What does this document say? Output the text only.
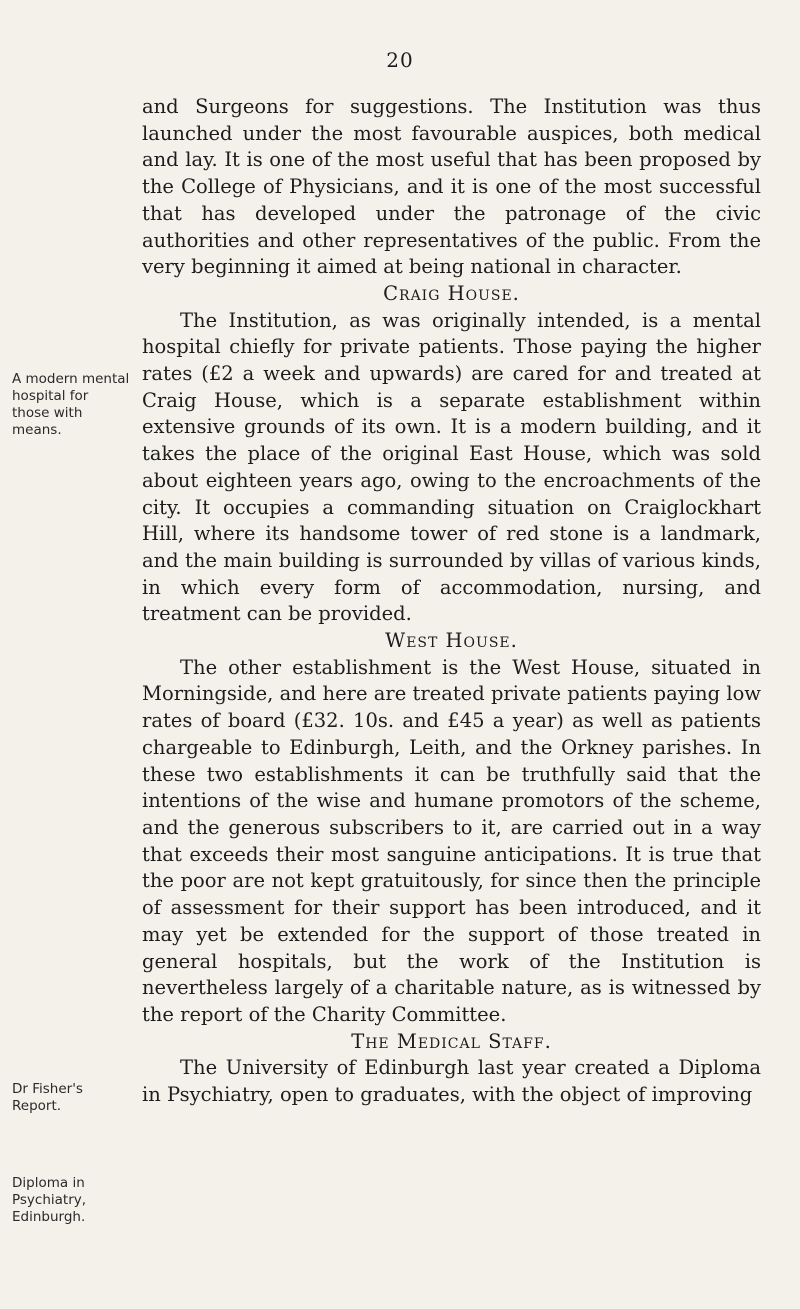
20
A modern mental hospital for those with means.
Dr Fisher's Report.
Diploma in Psychiatry, Edinburgh.

and Surgeons for suggestions. The Institution was thus launched under the most favourable auspices, both medical and lay. It is one of the most useful that has been proposed by the College of Physicians, and it is one of the most successful that has developed under the patronage of the civic authorities and other representatives of the public. From the very beginning it aimed at being national in character.

Craig House.

The Institution, as was originally intended, is a mental hospital chiefly for private patients. Those paying the higher rates (£2 a week and upwards) are cared for and treated at Craig House, which is a separate establishment within extensive grounds of its own. It is a modern building, and it takes the place of the original East House, which was sold about eighteen years ago, owing to the encroachments of the city. It occupies a commanding situation on Craiglockhart Hill, where its handsome tower of red stone is a landmark, and the main building is surrounded by villas of various kinds, in which every form of accommodation, nursing, and treatment can be provided.

West House.

The other establishment is the West House, situated in Morningside, and here are treated private patients paying low rates of board (£32. 10s. and £45 a year) as well as patients chargeable to Edinburgh, Leith, and the Orkney parishes. In these two establishments it can be truthfully said that the intentions of the wise and humane promotors of the scheme, and the generous subscribers to it, are carried out in a way that exceeds their most sanguine anticipations. It is true that the poor are not kept gratuitously, for since then the principle of assessment for their support has been introduced, and it may yet be extended for the support of those treated in general hospitals, but the work of the Institution is nevertheless largely of a charitable nature, as is witnessed by the report of the Charity Committee.

The Medical Staff.

The University of Edinburgh last year created a Diploma in Psychiatry, open to graduates, with the object of improving
